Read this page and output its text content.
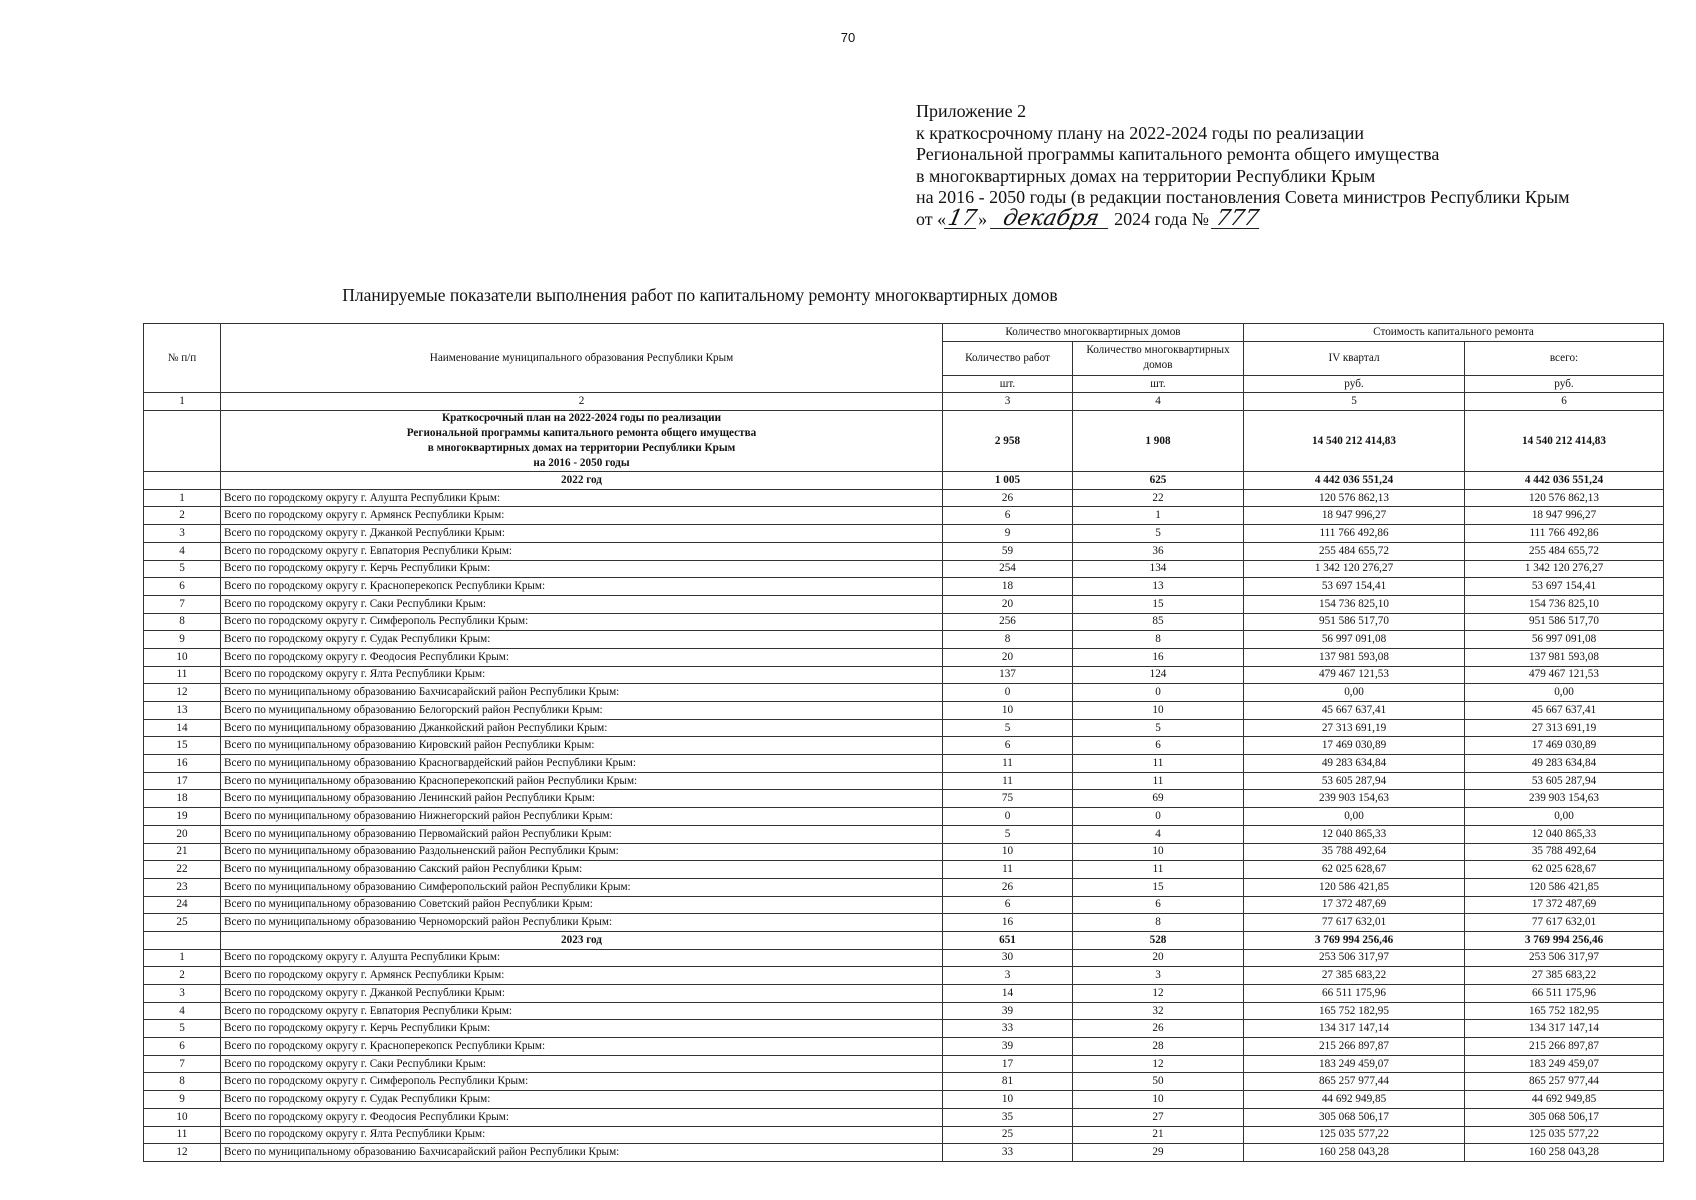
70
Приложение 2
к краткосрочному плану на 2022-2024 годы по реализации
Региональной программы капитального ремонта общего имущества
в многоквартирных домах на территории Республики Крым
на 2016 - 2050 годы (в редакции постановления Совета министров Республики Крым
от «17» декабря 2024 года № 777
Планируемые показатели выполнения работ по капитальному ремонту многоквартирных домов
№ п/п	Наименование муниципального образования Республики Крым	Количество многоквартирных домов		Стоимость капитального ремонта	
		Количество работ	Количество многоквартирных домов	IV квартал	всего:
		шт.	шт.	руб.	руб.
1	2	3	4	5	6

	Краткосрочный план на 2022-2024 годы по реализации
Региональной программы капитального ремонта общего имущества
в многоквартирных домах на территории Республики Крым
на 2016 - 2050 годы	2 958	1 908	14 540 212 414,83	14 540 212 414,83
	2022 год	1 005	625	4 442 036 551,24	4 442 036 551,24
1	Всего по городскому округу г. Алушта Республики Крым:	26	22	120 576 862,13	120 576 862,13
2	Всего по городскому округу г. Армянск Республики Крым:	6	1	18 947 996,27	18 947 996,27
3	Всего по городскому округу г. Джанкой Республики Крым:	9	5	111 766 492,86	111 766 492,86
4	Всего по городскому округу г. Евпатория Республики Крым:	59	36	255 484 655,72	255 484 655,72
5	Всего по городскому округу г. Керчь Республики Крым:	254	134	1 342 120 276,27	1 342 120 276,27
6	Всего по городскому округу г. Красноперекопск Республики Крым:	18	13	53 697 154,41	53 697 154,41
7	Всего по городскому округу г. Саки Республики Крым:	20	15	154 736 825,10	154 736 825,10
8	Всего по городскому округу г. Симферополь Республики Крым:	256	85	951 586 517,70	951 586 517,70
9	Всего по городскому округу г. Судак Республики Крым:	8	8	56 997 091,08	56 997 091,08
10	Всего по городскому округу г. Феодосия Республики Крым:	20	16	137 981 593,08	137 981 593,08
11	Всего по городскому округу г. Ялта Республики Крым:	137	124	479 467 121,53	479 467 121,53
12	Всего по муниципальному образованию Бахчисарайский район Республики Крым:	0	0	0,00	0,00
13	Всего по муниципальному образованию Белогорский район Республики Крым:	10	10	45 667 637,41	45 667 637,41
14	Всего по муниципальному образованию Джанкойский район Республики Крым:	5	5	27 313 691,19	27 313 691,19
15	Всего по муниципальному образованию Кировский район Республики Крым:	6	6	17 469 030,89	17 469 030,89
16	Всего по муниципальному образованию Красногвардейский район Республики Крым:	11	11	49 283 634,84	49 283 634,84
17	Всего по муниципальному образованию Красноперекопский район Республики Крым:	11	11	53 605 287,94	53 605 287,94
18	Всего по муниципальному образованию Ленинский район Республики Крым:	75	69	239 903 154,63	239 903 154,63
19	Всего по муниципальному образованию Нижнегорский район Республики Крым:	0	0	0,00	0,00
20	Всего по муниципальному образованию Первомайский район Республики Крым:	5	4	12 040 865,33	12 040 865,33
21	Всего по муниципальному образованию Раздольненский район Республики Крым:	10	10	35 788 492,64	35 788 492,64
22	Всего по муниципальному образованию Сакский район Республики Крым:	11	11	62 025 628,67	62 025 628,67
23	Всего по муниципальному образованию Симферопольский район Республики Крым:	26	15	120 586 421,85	120 586 421,85
24	Всего по муниципальному образованию Советский район Республики Крым:	6	6	17 372 487,69	17 372 487,69
25	Всего по муниципальному образованию Черноморский район Республики Крым:	16	8	77 617 632,01	77 617 632,01
	2023 год	651	528	3 769 994 256,46	3 769 994 256,46
1	Всего по городскому округу г. Алушта Республики Крым:	30	20	253 506 317,97	253 506 317,97
2	Всего по городскому округу г. Армянск Республики Крым:	3	3	27 385 683,22	27 385 683,22
3	Всего по городскому округу г. Джанкой Республики Крым:	14	12	66 511 175,96	66 511 175,96
4	Всего по городскому округу г. Евпатория Республики Крым:	39	32	165 752 182,95	165 752 182,95
5	Всего по городскому округу г. Керчь Республики Крым:	33	26	134 317 147,14	134 317 147,14
6	Всего по городскому округу г. Красноперекопск Республики Крым:	39	28	215 266 897,87	215 266 897,87
7	Всего по городскому округу г. Саки Республики Крым:	17	12	183 249 459,07	183 249 459,07
8	Всего по городскому округу г. Симферополь Республики Крым:	81	50	865 257 977,44	865 257 977,44
9	Всего по городскому округу г. Судак Республики Крым:	10	10	44 692 949,85	44 692 949,85
10	Всего по городскому округу г. Феодосия Республики Крым:	35	27	305 068 506,17	305 068 506,17
11	Всего по городскому округу г. Ялта Республики Крым:	25	21	125 035 577,22	125 035 577,22
12	Всего по муниципальному образованию Бахчисарайский район Республики Крым:	33	29	160 258 043,28	160 258 043,28
